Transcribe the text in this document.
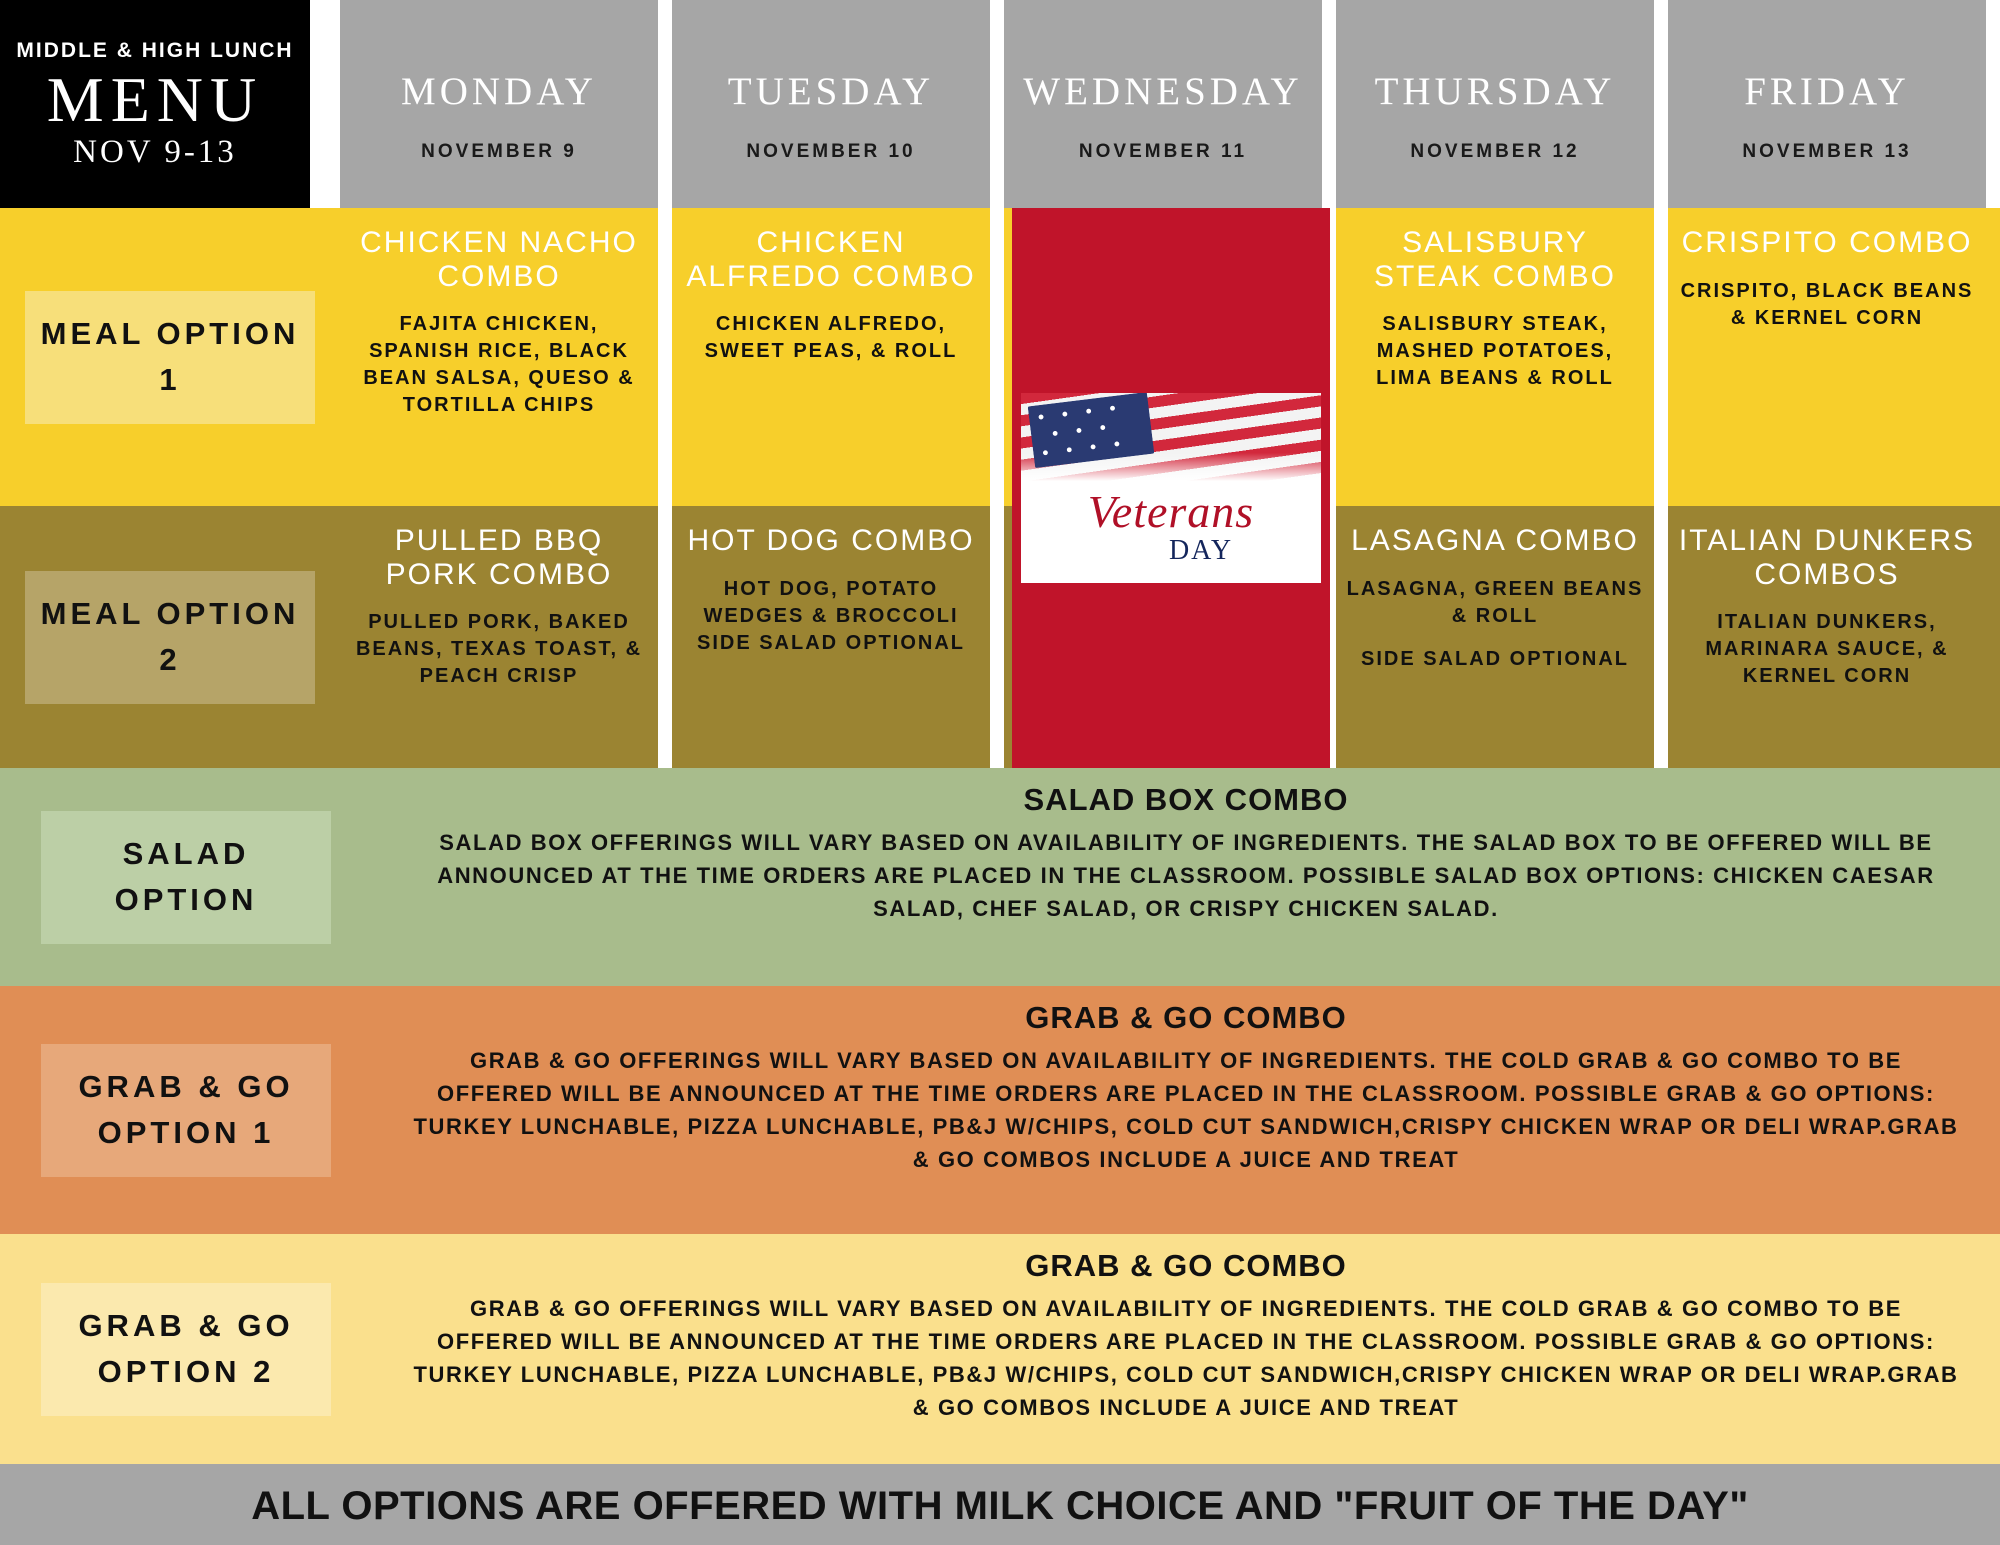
MIDDLE & HIGH LUNCH
MENU
NOV 9-13
MONDAY
NOVEMBER 9
TUESDAY
NOVEMBER 10
WEDNESDAY
NOVEMBER 11
THURSDAY
NOVEMBER 12
FRIDAY
NOVEMBER 13
MEAL OPTION 1
CHICKEN NACHO COMBO
FAJITA CHICKEN, SPANISH RICE, BLACK BEAN SALSA, QUESO & TORTILLA CHIPS
CHICKEN ALFREDO COMBO
CHICKEN ALFREDO, SWEET PEAS, & ROLL
SALISBURY STEAK COMBO
SALISBURY STEAK, MASHED POTATOES, LIMA BEANS & ROLL
CRISPITO COMBO
CRISPITO, BLACK BEANS & KERNEL CORN
MEAL OPTION 2
PULLED BBQ PORK COMBO
PULLED PORK, BAKED BEANS, TEXAS TOAST, & PEACH CRISP
HOT DOG COMBO
HOT DOG, POTATO WEDGES & BROCCOLI SIDE SALAD OPTIONAL
LASAGNA COMBO
LASAGNA, GREEN BEANS & ROLL
SIDE SALAD OPTIONAL
ITALIAN DUNKERS COMBOS
ITALIAN DUNKERS, MARINARA SAUCE, & KERNEL CORN
Veterans
DAY
SALAD OPTION
SALAD BOX COMBO
SALAD BOX OFFERINGS WILL VARY BASED ON AVAILABILITY OF INGREDIENTS. THE SALAD BOX TO BE OFFERED WILL BE ANNOUNCED AT THE TIME ORDERS ARE PLACED IN THE CLASSROOM. POSSIBLE SALAD BOX OPTIONS: CHICKEN CAESAR SALAD, CHEF SALAD, OR CRISPY CHICKEN SALAD.
GRAB & GO OPTION 1
GRAB & GO COMBO
GRAB & GO OFFERINGS WILL VARY BASED ON AVAILABILITY OF INGREDIENTS. THE COLD GRAB & GO COMBO TO BE OFFERED WILL BE ANNOUNCED AT THE TIME ORDERS ARE PLACED IN THE CLASSROOM. POSSIBLE GRAB & GO OPTIONS: TURKEY LUNCHABLE, PIZZA LUNCHABLE, PB&J W/CHIPS, COLD CUT SANDWICH,CRISPY CHICKEN WRAP OR DELI WRAP.GRAB & GO COMBOS INCLUDE A JUICE AND TREAT
GRAB & GO OPTION 2
GRAB & GO COMBO
GRAB & GO OFFERINGS WILL VARY BASED ON AVAILABILITY OF INGREDIENTS. THE COLD GRAB & GO COMBO TO BE OFFERED WILL BE ANNOUNCED AT THE TIME ORDERS ARE PLACED IN THE CLASSROOM. POSSIBLE GRAB & GO OPTIONS: TURKEY LUNCHABLE, PIZZA LUNCHABLE, PB&J W/CHIPS, COLD CUT SANDWICH,CRISPY CHICKEN WRAP OR DELI WRAP.GRAB & GO COMBOS INCLUDE A JUICE AND TREAT
ALL OPTIONS ARE OFFERED WITH MILK CHOICE AND "FRUIT OF THE DAY"
